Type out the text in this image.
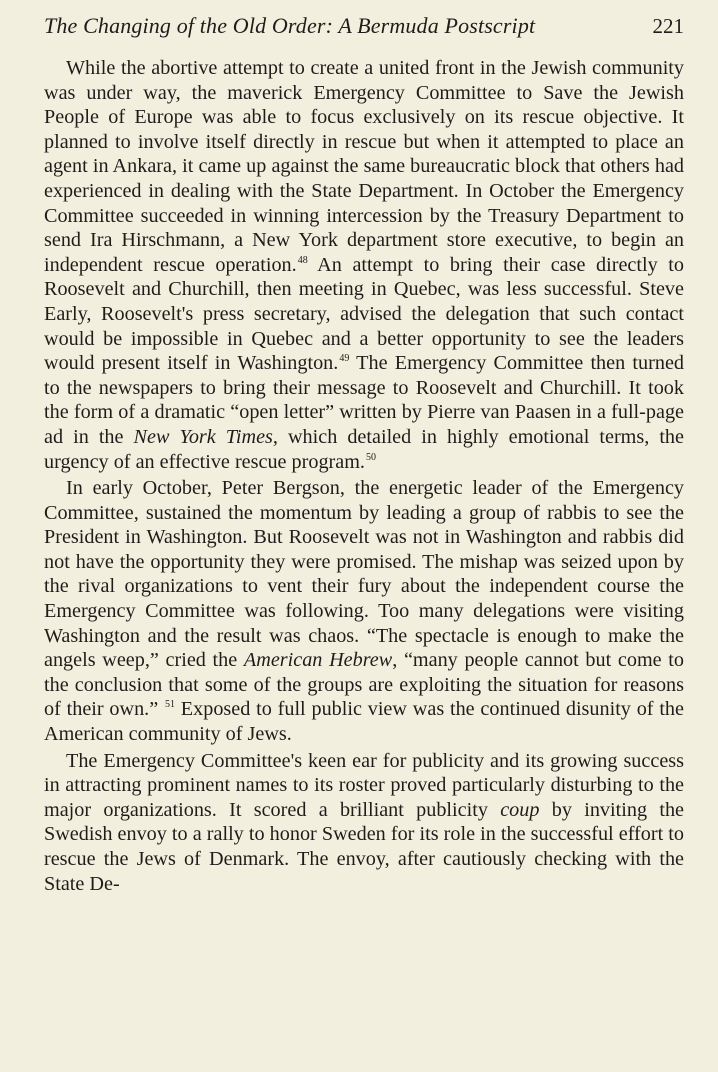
The Changing of the Old Order: A Bermuda Postscript	221

While the abortive attempt to create a united front in the Jewish community was under way, the maverick Emergency Committee to Save the Jewish People of Europe was able to focus exclusively on its rescue objective. It planned to involve itself directly in rescue but when it attempted to place an agent in Ankara, it came up against the same bureaucratic block that others had experienced in dealing with the State Department. In October the Emergency Committee succeeded in winning intercession by the Treasury Department to send Ira Hirschmann, a New York department store executive, to begin an independent rescue operation.$^{48}$ An attempt to bring their case directly to Roosevelt and Churchill, then meeting in Quebec, was less successful. Steve Early, Roosevelt's press secretary, advised the delegation that such contact would be impossible in Quebec and a better opportunity to see the leaders would present itself in Washington.$^{49}$ The Emergency Committee then turned to the newspapers to bring their message to Roosevelt and Churchill. It took the form of a dramatic “open letter” written by Pierre van Paasen in a full-page ad in the New York Times, which detailed in highly emotional terms, the urgency of an effective rescue program.$^{50}$

In early October, Peter Bergson, the energetic leader of the Emergency Committee, sustained the momentum by leading a group of rabbis to see the President in Washington. But Roosevelt was not in Washington and rabbis did not have the opportunity they were promised. The mishap was seized upon by the rival organizations to vent their fury about the independent course the Emergency Committee was following. Too many delegations were visiting Washington and the result was chaos. “The spectacle is enough to make the angels weep,” cried the American Hebrew, “many people cannot but come to the conclusion that some of the groups are exploiting the situation for reasons of their own.” $^{51}$ Exposed to full public view was the continued disunity of the American community of Jews.

The Emergency Committee's keen ear for publicity and its growing success in attracting prominent names to its roster proved particularly disturbing to the major organizations. It scored a brilliant publicity coup by inviting the Swedish envoy to a rally to honor Sweden for its role in the successful effort to rescue the Jews of Denmark. The envoy, after cautiously checking with the State De-
